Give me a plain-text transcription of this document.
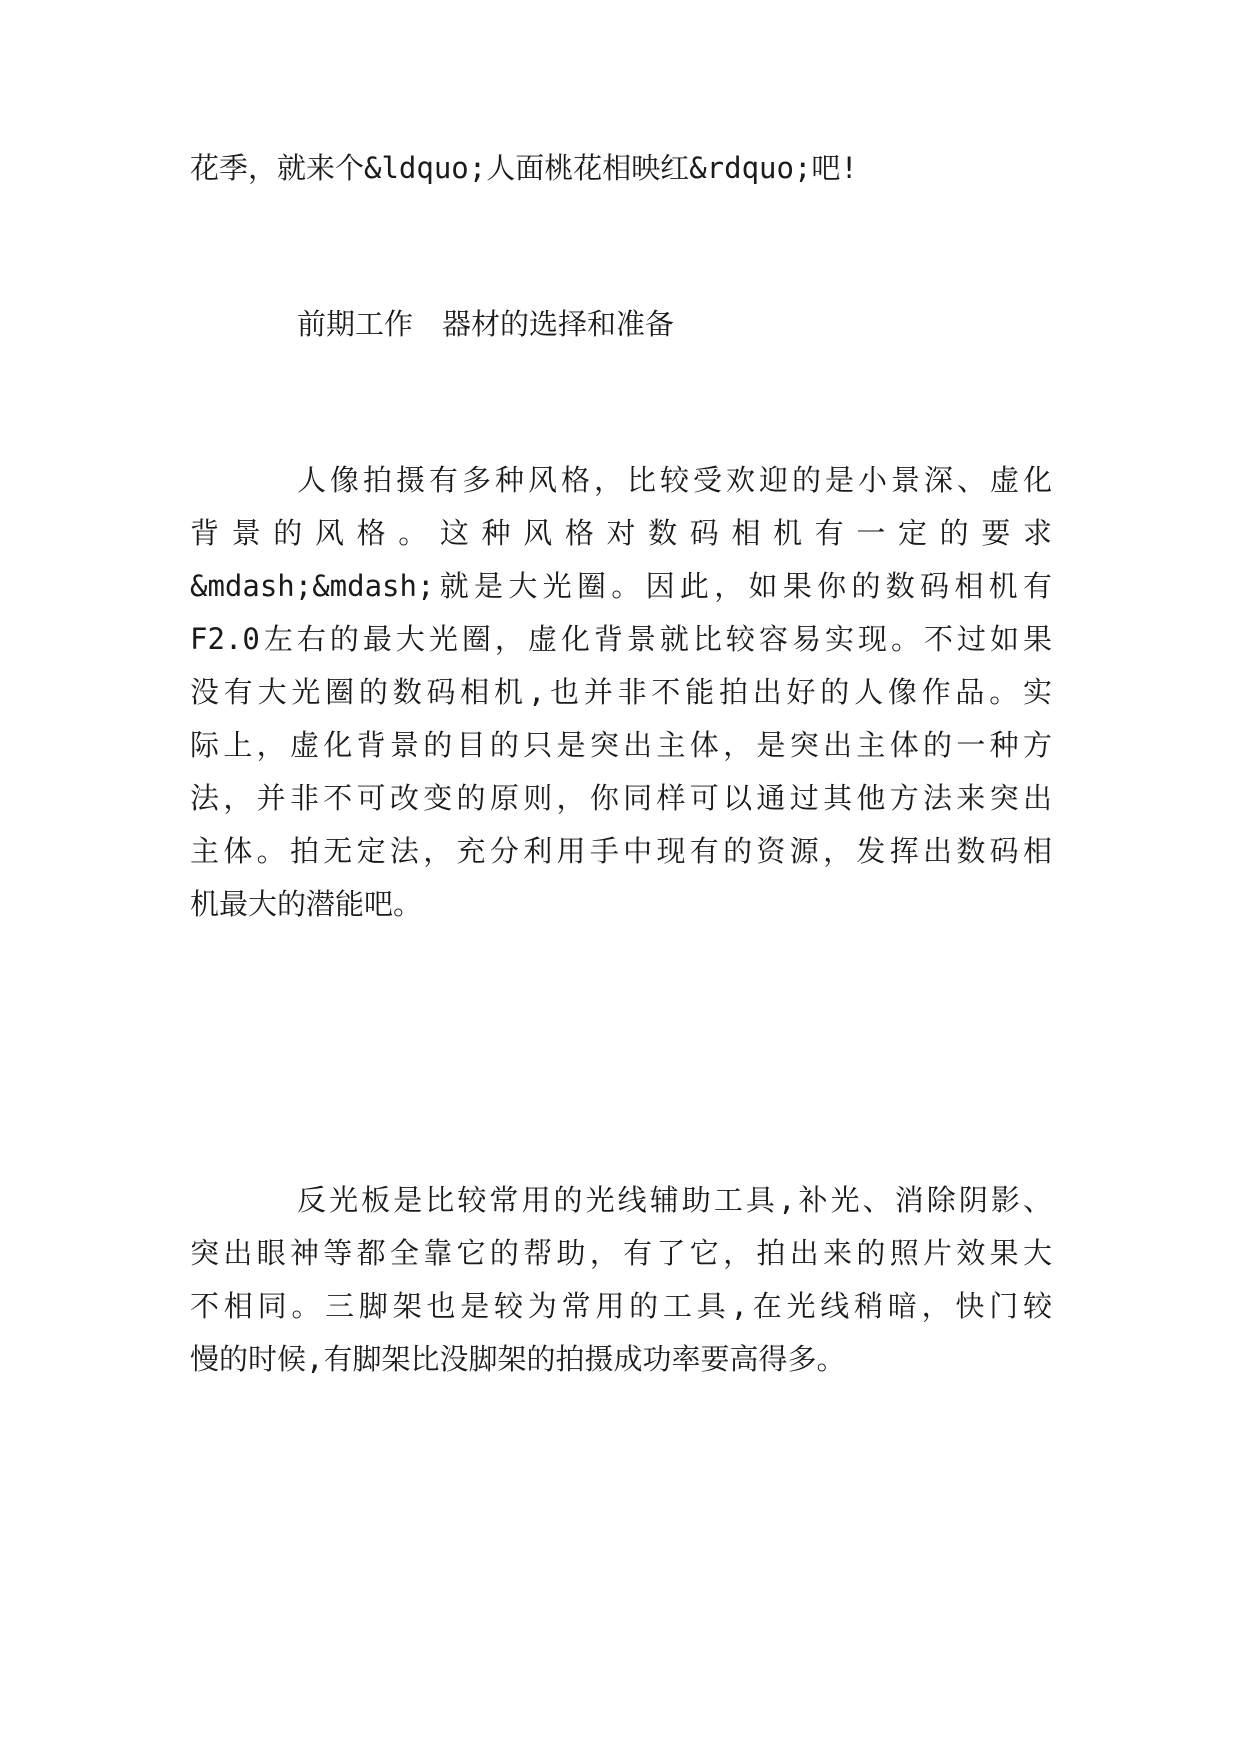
花季，就来个&ldquo;人面桃花相映红&rdquo;吧!
前期工作　器材的选择和准备
人像拍摄有多种风格，比较受欢迎的是小景深、虚化
背景的风格。这种风格对数码相机有一定的要求
&mdash;&mdash;就是大光圈。因此，如果你的数码相机有
F2.0左右的最大光圈，虚化背景就比较容易实现。不过如果
没有大光圈的数码相机,也并非不能拍出好的人像作品。实
际上，虚化背景的目的只是突出主体，是突出主体的一种方
法，并非不可改变的原则，你同样可以通过其他方法来突出
主体。拍无定法，充分利用手中现有的资源，发挥出数码相
机最大的潜能吧。
反光板是比较常用的光线辅助工具,补光、消除阴影、
突出眼神等都全靠它的帮助，有了它，拍出来的照片效果大
不相同。三脚架也是较为常用的工具,在光线稍暗，快门较
慢的时候,有脚架比没脚架的拍摄成功率要高得多。
